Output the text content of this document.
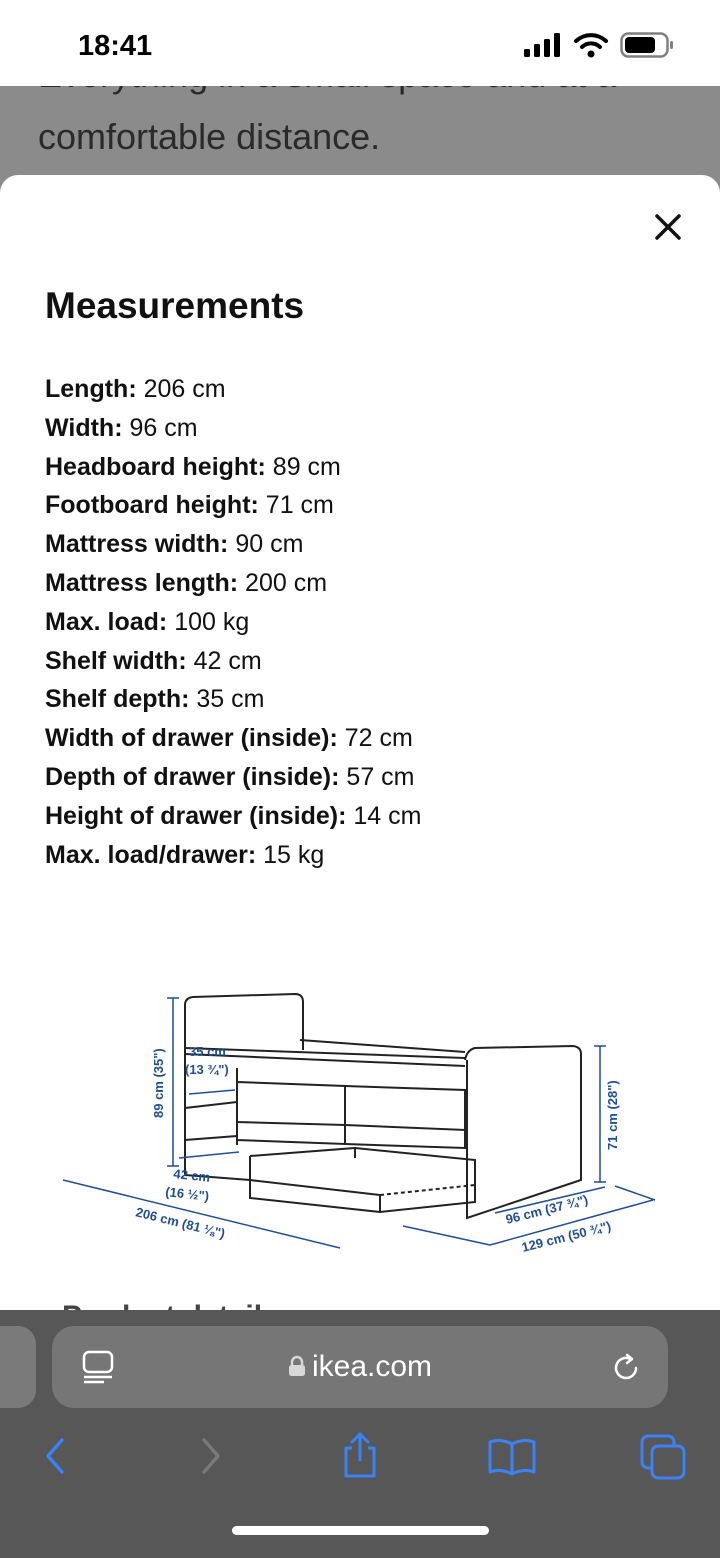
18:41
comfortable distance.
Measurements
Length: 206 cm
Width: 96 cm
Headboard height: 89 cm
Footboard height: 71 cm
Mattress width: 90 cm
Mattress length: 200 cm
Max. load: 100 kg
Shelf width: 42 cm
Shelf depth: 35 cm
Width of drawer (inside): 72 cm
Depth of drawer (inside): 57 cm
Height of drawer (inside): 14 cm
Max. load/drawer: 15 kg
89 cm (35") 35 cm
(13 ¾")
42 cm
(16 ½")
206 cm (81 ⅛")
71 cm (28")
96 cm (37 ¾")
129 cm (50 ¾")
ikea.com
